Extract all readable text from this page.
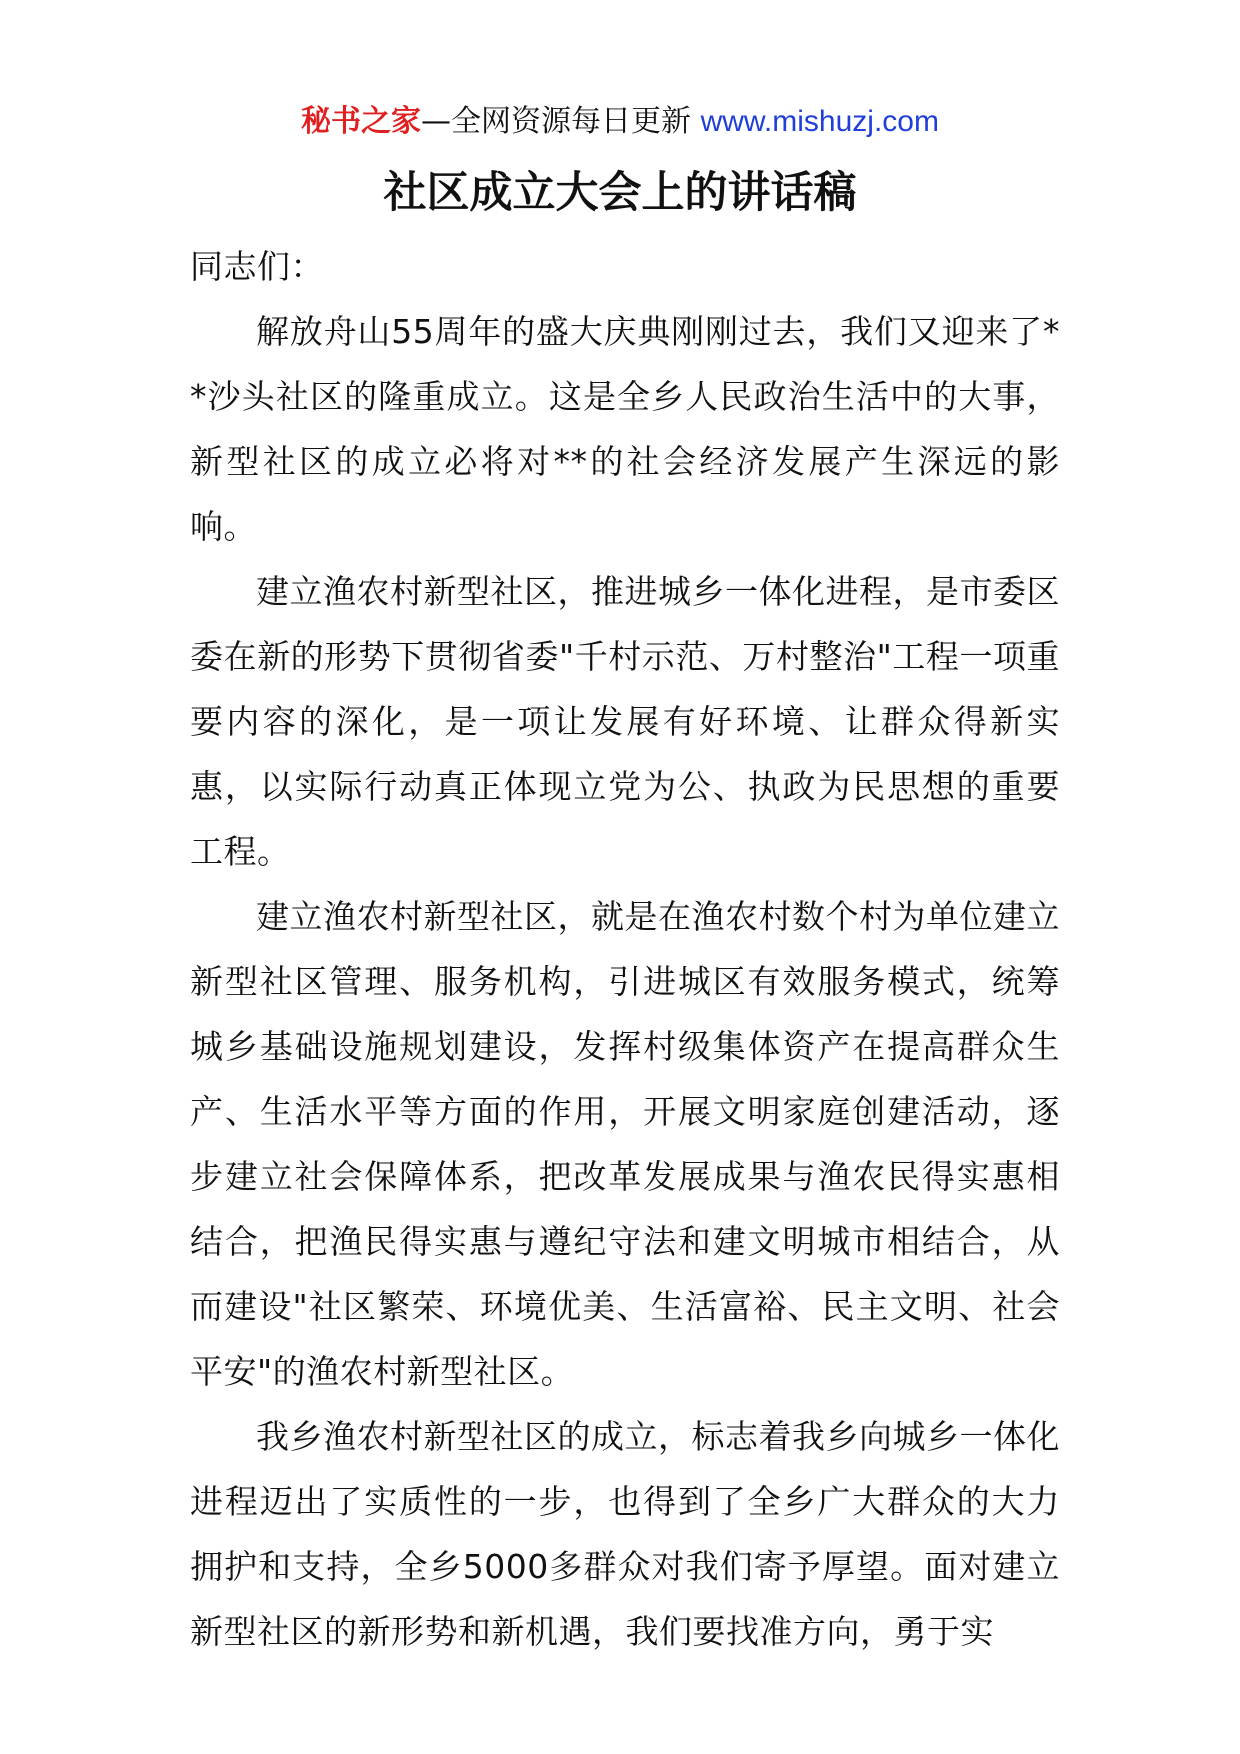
秘书之家—全网资源每日更新 www.mishuzj.com
社区成立大会上的讲话稿

同志们：

解放舟山55周年的盛大庆典刚刚过去，我们又迎来了**沙头社区的隆重成立。这是全乡人民政治生活中的大事，新型社区的成立必将对**的社会经济发展产生深远的影响。

建立渔农村新型社区，推进城乡一体化进程，是市委区委在新的形势下贯彻省委"千村示范、万村整治"工程一项重要内容的深化，是一项让发展有好环境、让群众得新实惠，以实际行动真正体现立党为公、执政为民思想的重要工程。

建立渔农村新型社区，就是在渔农村数个村为单位建立新型社区管理、服务机构，引进城区有效服务模式，统筹城乡基础设施规划建设，发挥村级集体资产在提高群众生产、生活水平等方面的作用，开展文明家庭创建活动，逐步建立社会保障体系，把改革发展成果与渔农民得实惠相结合，把渔民得实惠与遵纪守法和建文明城市相结合，从而建设"社区繁荣、环境优美、生活富裕、民主文明、社会平安"的渔农村新型社区。

我乡渔农村新型社区的成立，标志着我乡向城乡一体化进程迈出了实质性的一步，也得到了全乡广大群众的大力拥护和支持，全乡5000多群众对我们寄予厚望。面对建立新型社区的新形势和新机遇，我们要找准方向，勇于实
